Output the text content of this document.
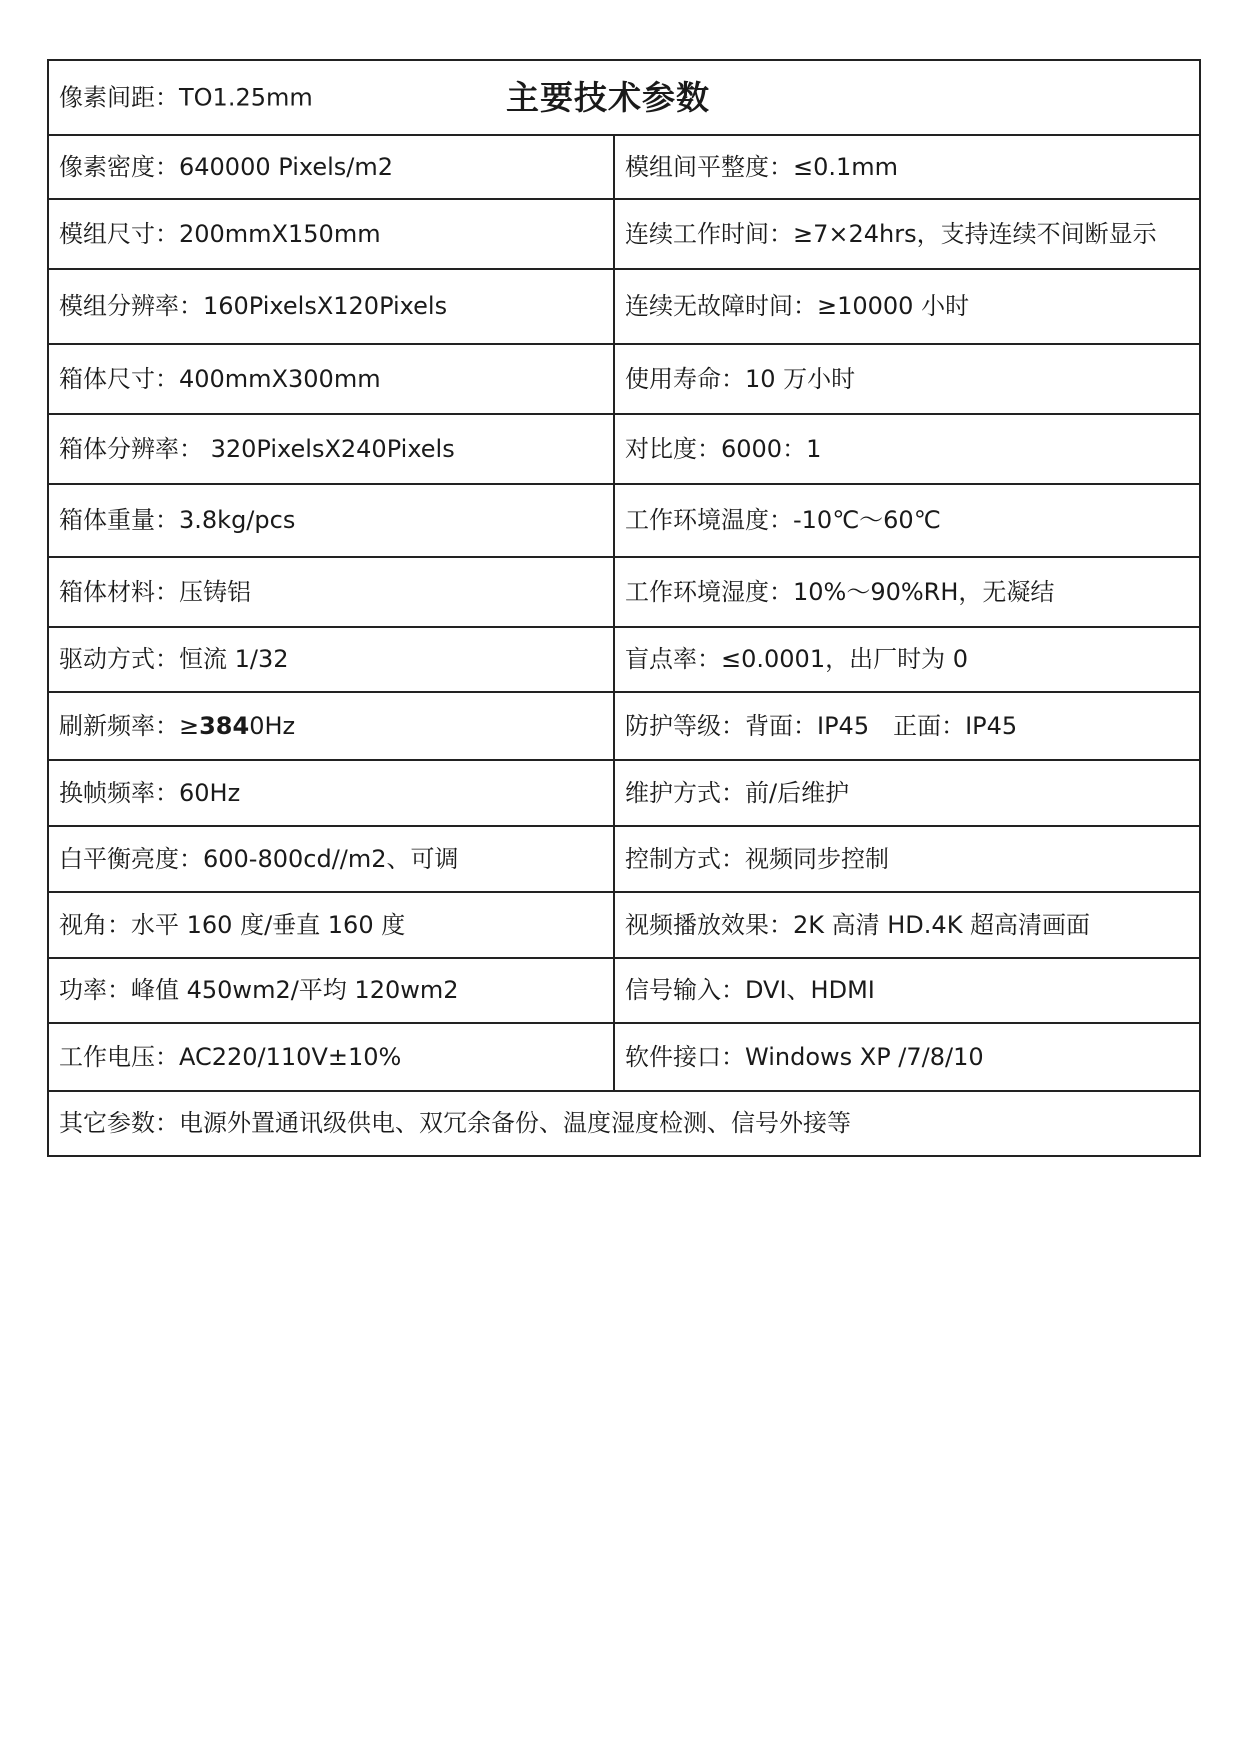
像素间距：TO1.25mm 主要技术参数	

像素密度：640000 Pixels/m2	模组间平整度：≤0.1mm
模组尺寸：200mmX150mm	连续工作时间：≥7×24hrs，支持连续不间断显示
模组分辨率：160PixelsX120Pixels	连续无故障时间：≥10000 小时
箱体尺寸：400mmX300mm	使用寿命：10 万小时
箱体分辨率： 320PixelsX240Pixels	对比度：6000：1
箱体重量：3.8kg/pcs	工作环境温度：-10℃～60℃
箱体材料：压铸铝	工作环境湿度：10%～90%RH，无凝结
驱动方式：恒流 1/32	盲点率：≤0.0001，出厂时为 0
刷新频率：≥3840Hz	防护等级：背面：IP45　正面：IP45
换帧频率：60Hz	维护方式：前/后维护
白平衡亮度：600-800cd//m2、可调	控制方式：视频同步控制
视角：水平 160 度/垂直 160 度	视频播放效果：2K 高清 HD.4K 超高清画面
功率：峰值 450wm2/平均 120wm2	信号输入：DVI、HDMI
工作电压：AC220/110V±10%	软件接口：Windows XP /7/8/10
其它参数：电源外置通讯级供电、双冗余备份、温度湿度检测、信号外接等	
